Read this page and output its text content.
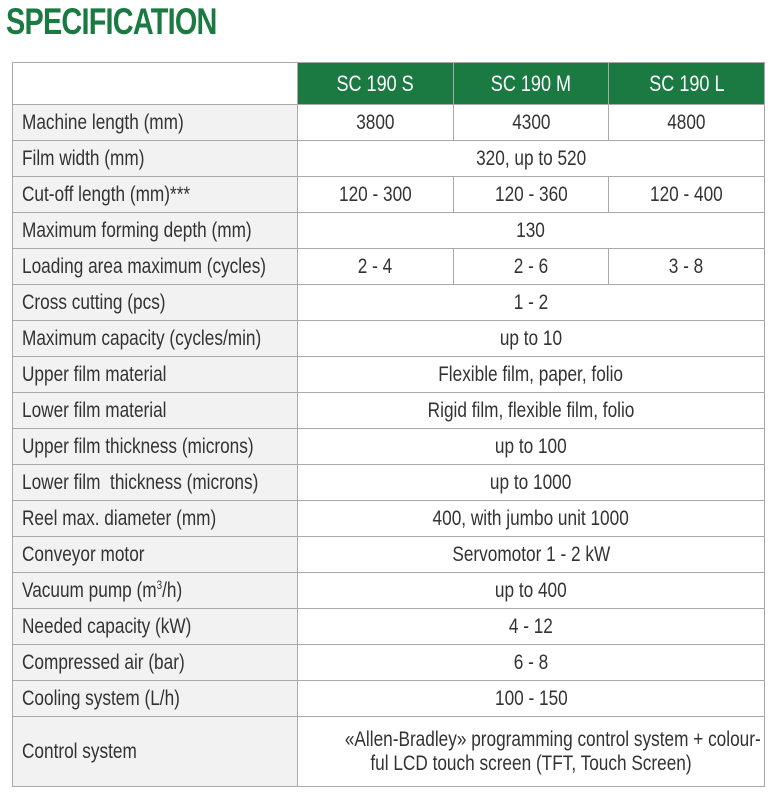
SPECIFICATION
	SC 190 S	SC 190 M	SC 190 L
Machine length (mm)	3800	4300	4800
Film width (mm)	320, up to 520		
Cut-off length (mm)***	120 - 300	120 - 360	120 - 400
Maximum forming depth (mm)	130		
Loading area maximum (cycles)	2 - 4	2 - 6	3 - 8
Cross cutting (pcs)	1 - 2		
Maximum capacity (cycles/min)	up to 10		
Upper film material	Flexible film, paper, folio		
Lower film material	Rigid film, flexible film, folio		
Upper film thickness (microns)	up to 100		
Lower film  thickness (microns)	up to 1000		
Reel max. diameter (mm)	400, with jumbo unit 1000		
Conveyor motor	Servomotor 1 - 2 kW		
Vacuum pump $(m^3/h)$	up to 400		
Needed capacity (kW)	4 - 12		
Compressed air (bar)	6 - 8		
Cooling system (L/h)	100 - 150		
Control system	«Allen-Bradley» programming control system + colour-
ful LCD touch screen (TFT, Touch Screen)		
